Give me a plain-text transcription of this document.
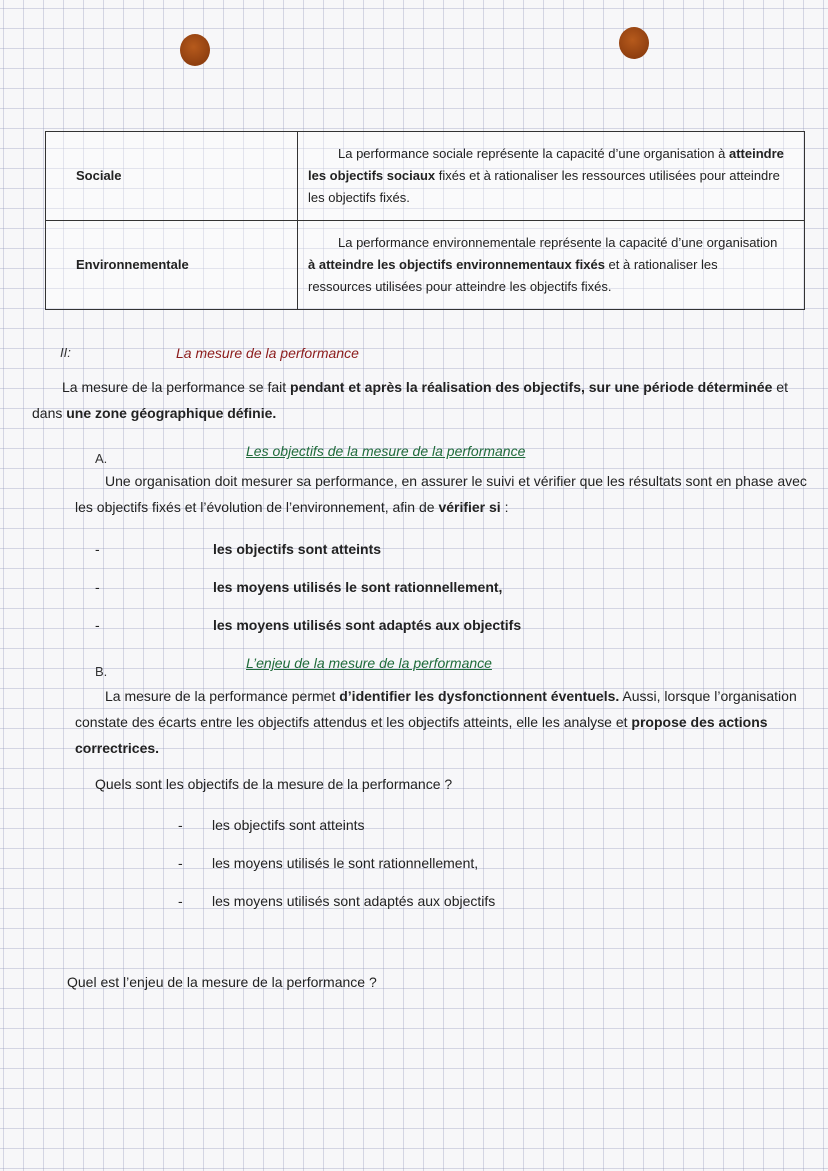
Sociale	La performance sociale représente la capacité d’une organisation à atteindre les objectifs sociaux fixés et à rationaliser les ressources utilisées pour atteindre les objectifs fixés.
Environnementale	La performance environnementale représente la capacité d’une organisation à atteindre les objectifs environnementaux fixés et à rationaliser les ressources utilisées pour atteindre les objectifs fixés.
II:	La mesure de la performance
La mesure de la performance se fait pendant et après la réalisation des objectifs, sur une période déterminée et dans une zone géographique définie.
A.	Les objectifs de la mesure de la performance
Une organisation doit mesurer sa performance, en assurer le suivi et vérifier que les résultats sont en phase avec les objectifs fixés et l’évolution de l’environnement, afin de vérifier si :
-	les objectifs sont atteints
-	les moyens utilisés le sont rationnellement,
-	les moyens utilisés sont adaptés aux objectifs
B.
L’enjeu de la mesure de la performance
La mesure de la performance permet d’identifier les dysfonctionnent éventuels. Aussi, lorsque l’organisation constate des écarts entre les objectifs attendus et les objectifs atteints, elle les analyse et propose des actions correctrices.
Quels sont les objectifs de la mesure de la performance ?
- les objectifs sont atteints
- les moyens utilisés le sont rationnellement,
- les moyens utilisés sont adaptés aux objectifs
Quel est l’enjeu de la mesure de la performance ?
